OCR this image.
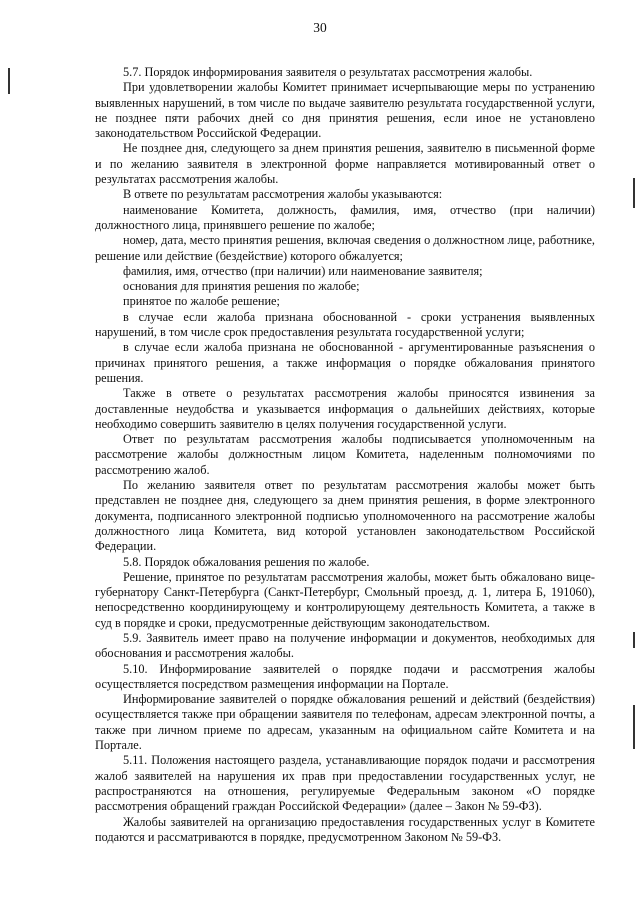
30

5.7. Порядок информирования заявителя о результатах рассмотрения жалобы.

При удовлетворении жалобы Комитет принимает исчерпывающие меры по устранению выявленных нарушений, в том числе по выдаче заявителю результата государственной услуги, не позднее пяти рабочих дней со дня принятия решения, если иное не установлено законодательством Российской Федерации.

Не позднее дня, следующего за днем принятия решения, заявителю в письменной форме и по желанию заявителя в электронной форме направляется мотивированный ответ о результатах рассмотрения жалобы.

В ответе по результатам рассмотрения жалобы указываются:

наименование Комитета, должность, фамилия, имя, отчество (при наличии) должностного лица, принявшего решение по жалобе;

номер, дата, место принятия решения, включая сведения о должностном лице, работнике, решение или действие (бездействие) которого обжалуется;

фамилия, имя, отчество (при наличии) или наименование заявителя;

основания для принятия решения по жалобе;

принятое по жалобе решение;

в случае если жалоба признана обоснованной - сроки устранения выявленных нарушений, в том числе срок предоставления результата государственной услуги;

в случае если жалоба признана не обоснованной - аргументированные разъяснения о причинах принятого решения, а также информация о порядке обжалования принятого решения.

Также в ответе о результатах рассмотрения жалобы приносятся извинения за доставленные неудобства и указывается информация о дальнейших действиях, которые необходимо совершить заявителю в целях получения государственной услуги.

Ответ по результатам рассмотрения жалобы подписывается уполномоченным на рассмотрение жалобы должностным лицом Комитета, наделенным полномочиями по рассмотрению жалоб.

По желанию заявителя ответ по результатам рассмотрения жалобы может быть представлен не позднее дня, следующего за днем принятия решения, в форме электронного документа, подписанного электронной подписью уполномоченного на рассмотрение жалобы должностного лица Комитета, вид которой установлен законодательством Российской Федерации.

5.8. Порядок обжалования решения по жалобе.

Решение, принятое по результатам рассмотрения жалобы, может быть обжаловано вице-губернатору Санкт-Петербурга (Санкт-Петербург, Смольный проезд, д. 1, литера Б, 191060), непосредственно координирующему и контролирующему деятельность Комитета, а также в суд в порядке и сроки, предусмотренные действующим законодательством.

5.9. Заявитель имеет право на получение информации и документов, необходимых для обоснования и рассмотрения жалобы.

5.10. Информирование заявителей о порядке подачи и рассмотрения жалобы осуществляется посредством размещения информации на Портале.

Информирование заявителей о порядке обжалования решений и действий (бездействия) осуществляется также при обращении заявителя по телефонам, адресам электронной почты, а также при личном приеме по адресам, указанным на официальном сайте Комитета и на Портале.

5.11. Положения настоящего раздела, устанавливающие порядок подачи и рассмотрения жалоб заявителей на нарушения их прав при предоставлении государственных услуг, не распространяются на отношения, регулируемые Федеральным законом «О порядке рассмотрения обращений граждан Российской Федерации» (далее – Закон № 59-ФЗ).

Жалобы заявителей на организацию предоставления государственных услуг в Комитете подаются и рассматриваются в порядке, предусмотренном Законом № 59-ФЗ.
